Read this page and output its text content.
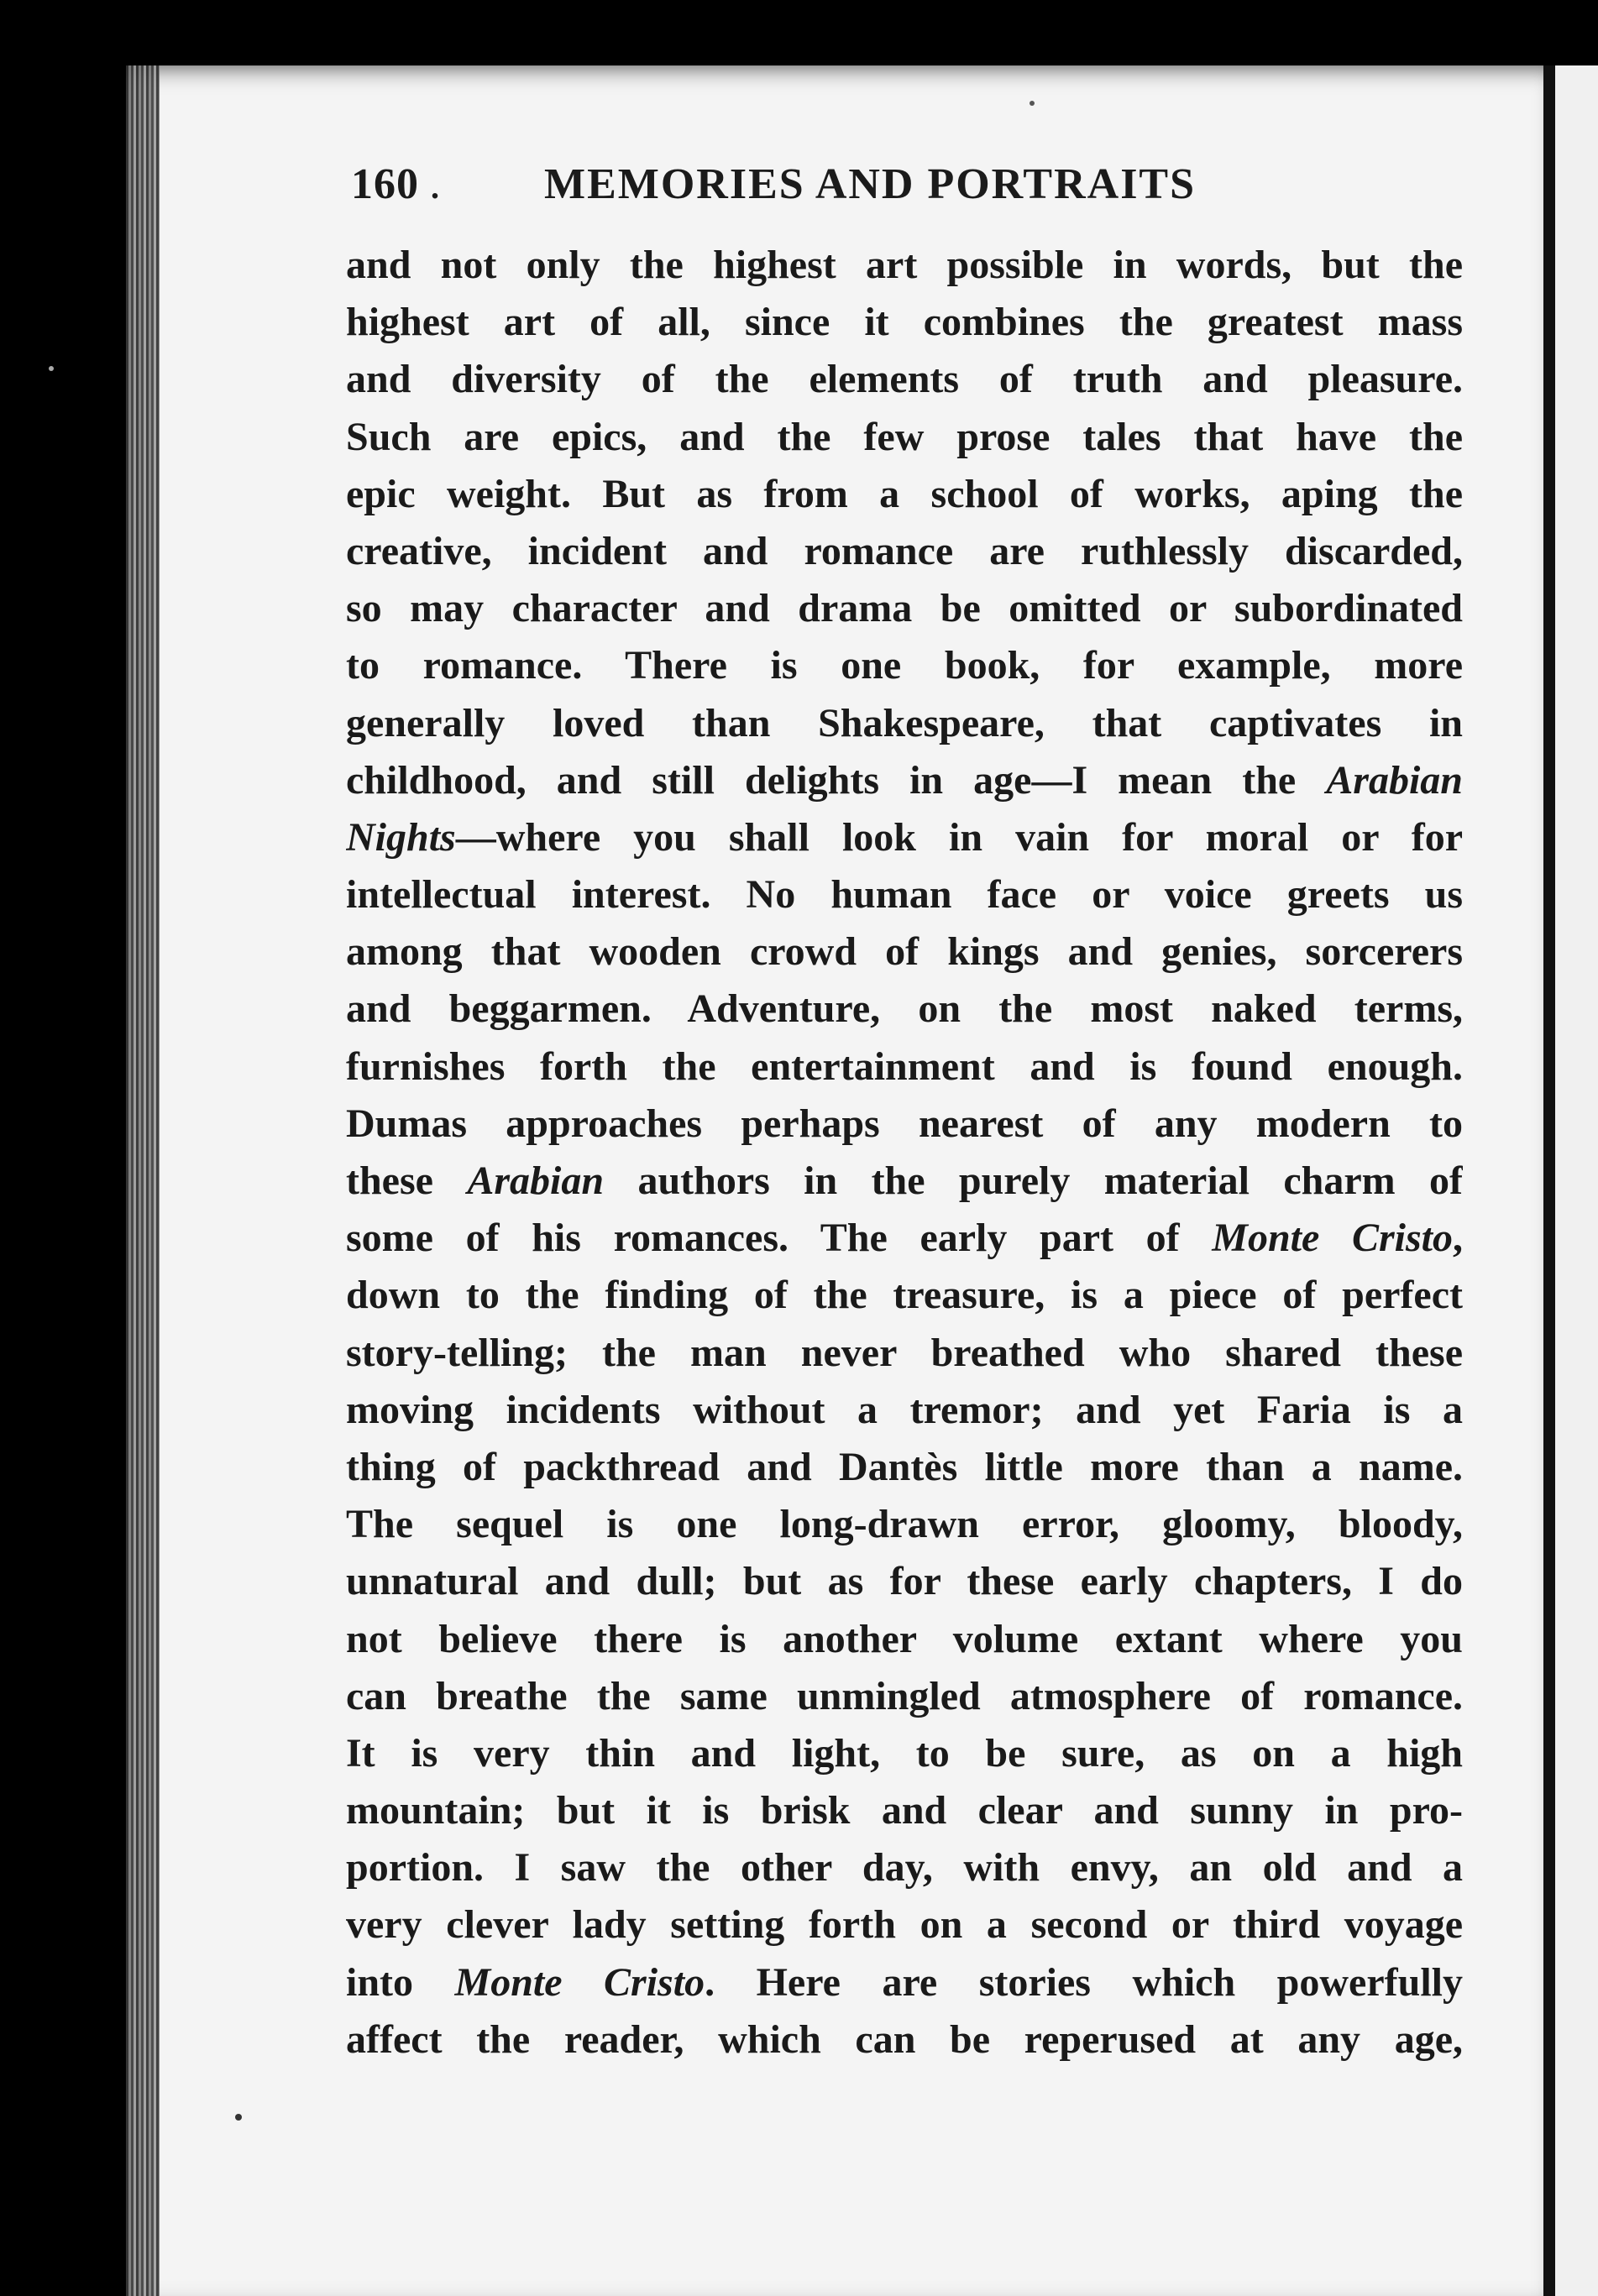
160 . MEMORIES AND PORTRAITS
and not only the highest art possible in words, but the
highest art of all, since it combines the greatest mass
and diversity of the elements of truth and pleasure.
Such are epics, and the few prose tales that have the
epic weight. But as from a school of works, aping the
creative, incident and romance are ruthlessly discarded,
so may character and drama be omitted or subordinated
to romance. There is one book, for example, more
generally loved than Shakespeare, that captivates in
childhood, and still delights in age—I mean the Arabian
Nights—where you shall look in vain for moral or for
intellectual interest. No human face or voice greets us
among that wooden crowd of kings and genies, sorcerers
and beggarmen. Adventure, on the most naked terms,
furnishes forth the entertainment and is found enough.
Dumas approaches perhaps nearest of any modern to
these Arabian authors in the purely material charm of
some of his romances. The early part of Monte Cristo,
down to the finding of the treasure, is a piece of perfect
story-telling; the man never breathed who shared these
moving incidents without a tremor; and yet Faria is a
thing of packthread and Dantès little more than a name.
The sequel is one long-drawn error, gloomy, bloody,
unnatural and dull; but as for these early chapters, I do
not believe there is another volume extant where you
can breathe the same unmingled atmosphere of romance.
It is very thin and light, to be sure, as on a high
mountain; but it is brisk and clear and sunny in pro-
portion. I saw the other day, with envy, an old and a
very clever lady setting forth on a second or third voyage
into Monte Cristo. Here are stories which powerfully
affect the reader, which can be reperused at any age,
